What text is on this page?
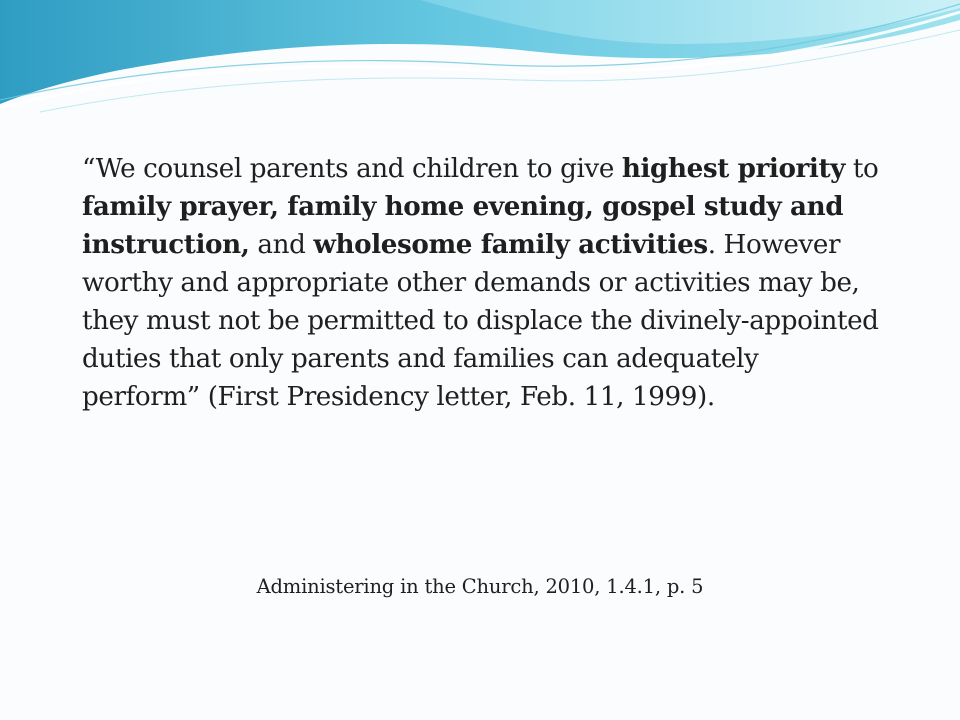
“We counsel parents and children to give highest priority to family prayer, family home evening, gospel study and instruction, and wholesome family activities. However worthy and appropriate other demands or activities may be, they must not be permitted to displace the divinely-appointed duties that only parents and families can adequately perform” (First Presidency letter, Feb. 11, 1999).

Administering in the Church, 2010, 1.4.1, p. 5
